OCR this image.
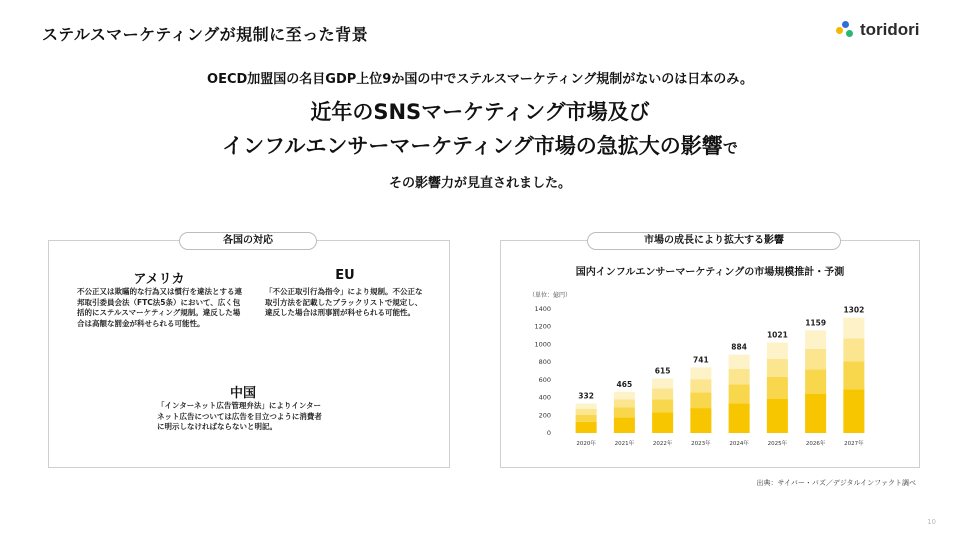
ステルスマーケティングが規制に至った背景	toridori
OECD加盟国の名目GDP上位9か国の中でステルスマーケティング規制がないのは日本のみ。
近年のSNSマーケティング市場及び
インフルエンサーマーケティング市場の急拡大の影響で
その影響力が見直されました。
各国の対応
アメリカ
不公正又は欺瞞的な行為又は慣行を違法とする連邦取引委員会法（FTC法5条）において、広く包括的にステルスマーケティング規制。違反した場合は高額な罰金が科せられる可能性。
EU
「不公正取引行為指令」により規制。不公正な取引方法を記載したブラックリストで規定し、違反した場合は刑事罰が科せられる可能性。
中国
「インターネット広告管理弁法」によりインターネット広告については広告を目立つように消費者に明示しなければならないと明記。
市場の成長により拡大する影響
国内インフルエンサーマーケティングの市場規模推計・予測
（単位：億円）
0
200
400
600
800
1000
1200
1400
332
2020年
465
2021年
615
2022年
741
2023年
884
2024年
1021
2025年
1159
2026年
1302
2027年
出典：サイバー・バズ／デジタルインファクト調べ
10
